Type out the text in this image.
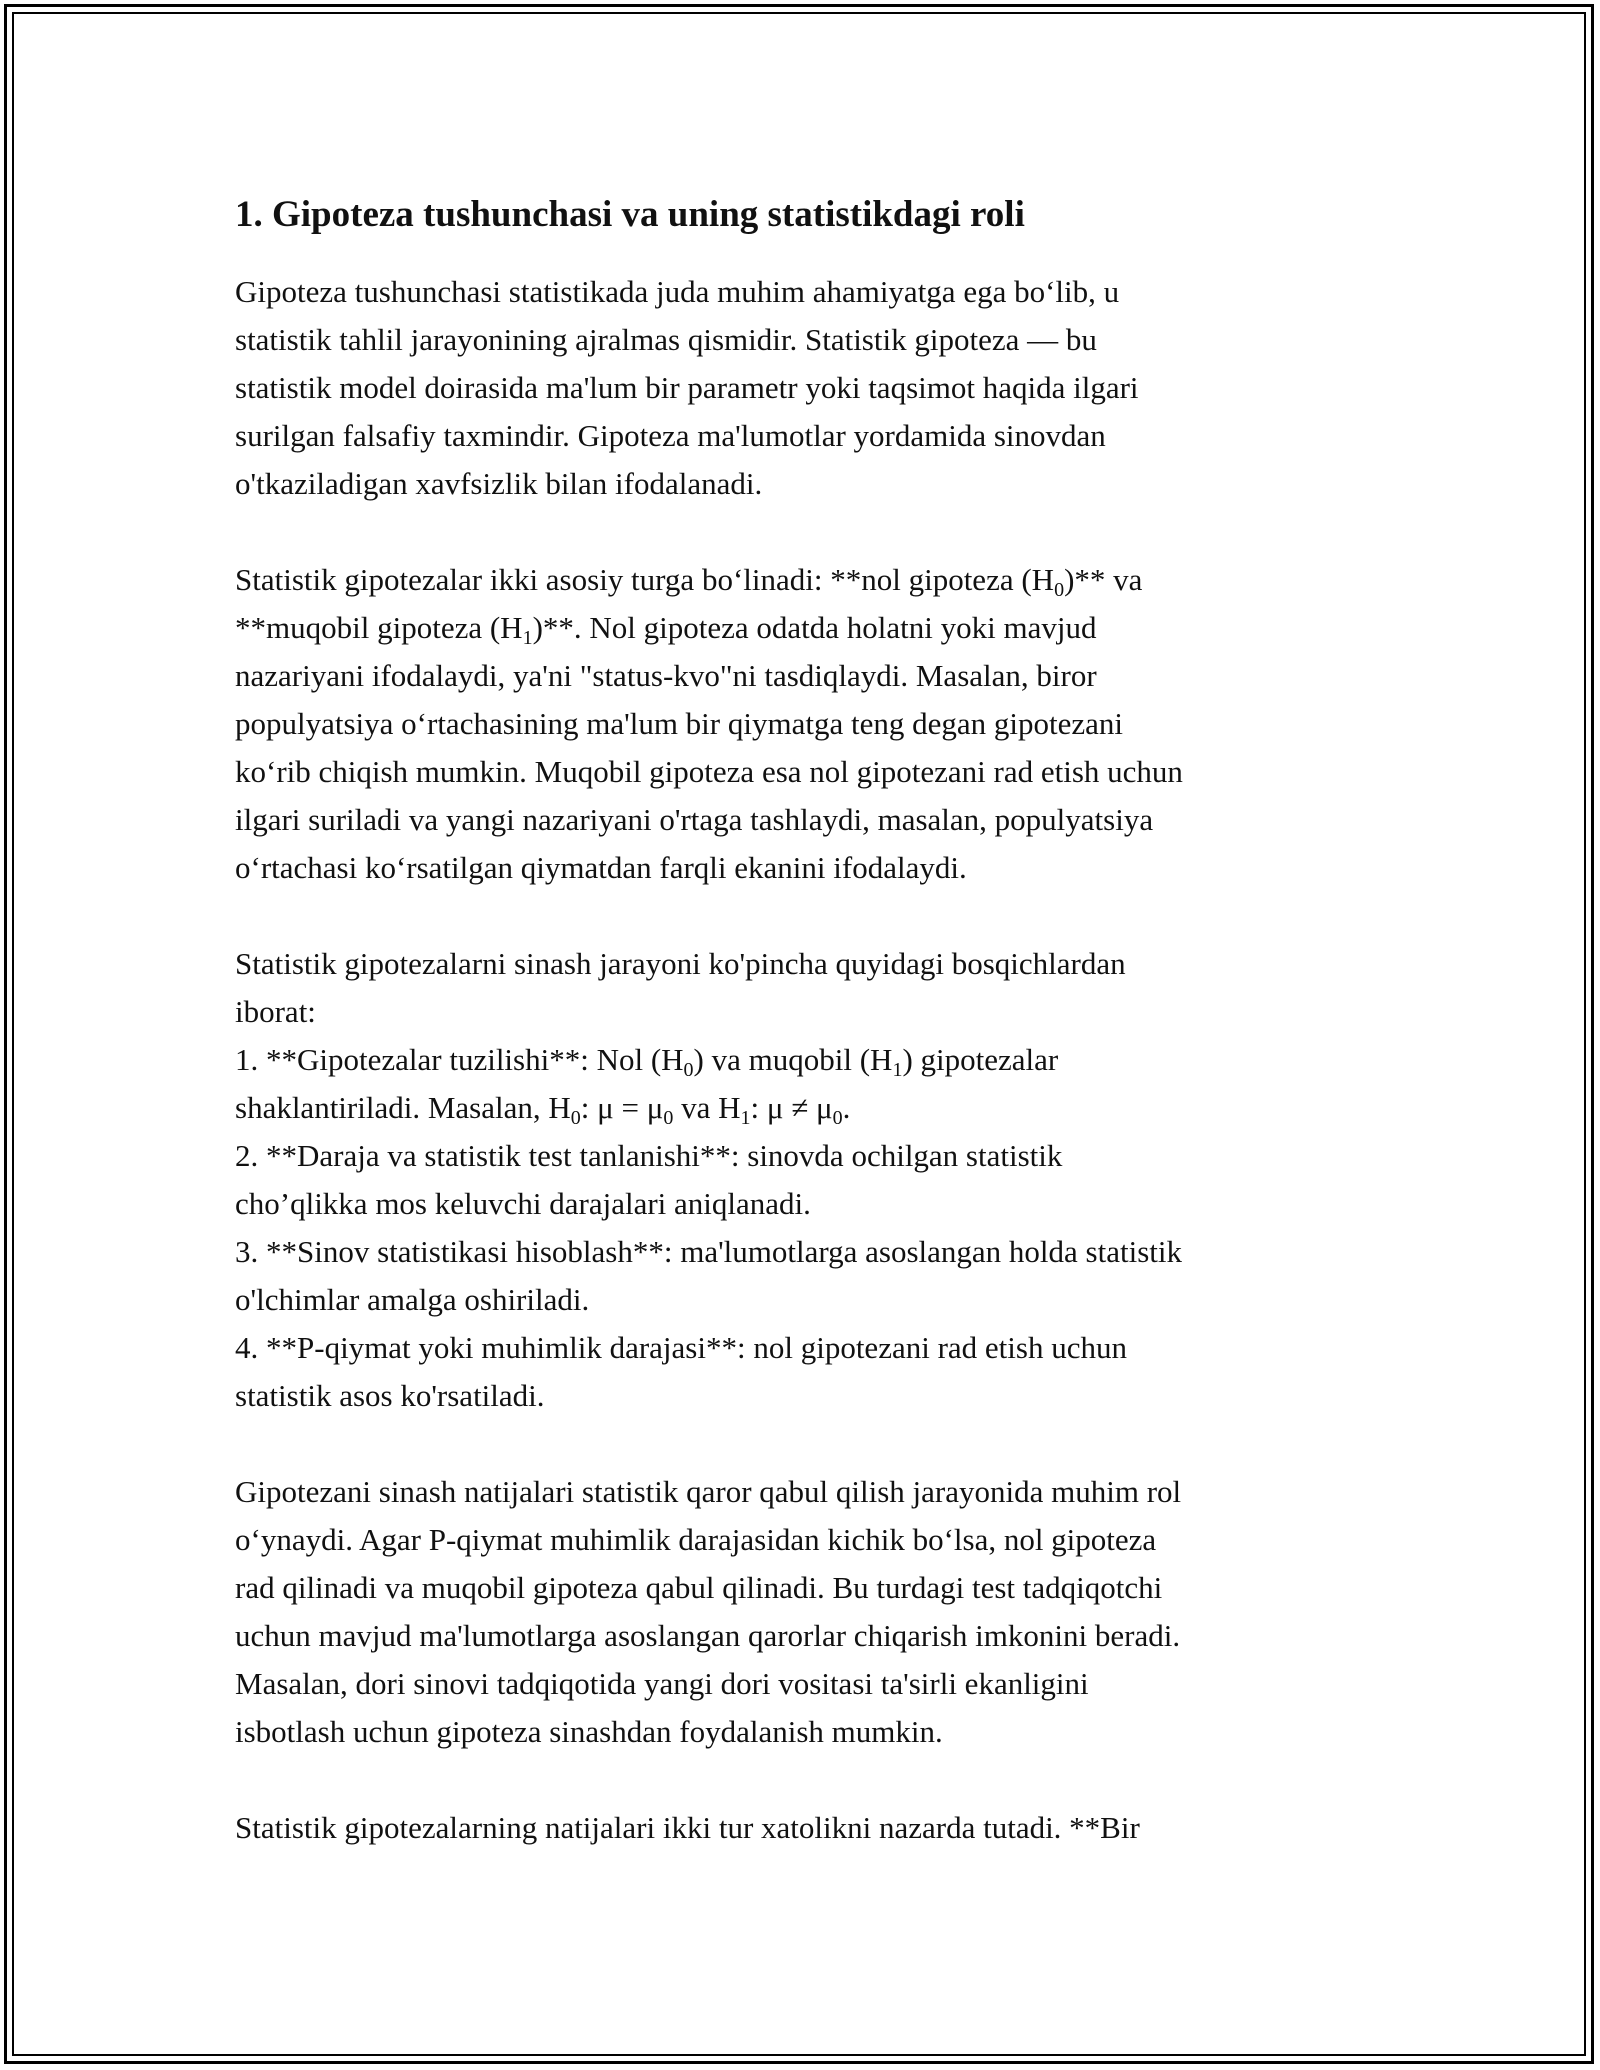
1. Gipoteza tushunchasi va uning statistikdagi roli

Gipoteza tushunchasi statistikada juda muhim ahamiyatga ega bo‘lib, u
statistik tahlil jarayonining ajralmas qismidir. Statistik gipoteza — bu
statistik model doirasida ma'lum bir parametr yoki taqsimot haqida ilgari
surilgan falsafiy taxmindir. Gipoteza ma'lumotlar yordamida sinovdan
o'tkaziladigan xavfsizlik bilan ifodalanadi.

Statistik gipotezalar ikki asosiy turga bo‘linadi: **nol gipoteza $(H_0)**$ va
**muqobil gipoteza $(H_1)**$. Nol gipoteza odatda holatni yoki mavjud
nazariyani ifodalaydi, ya'ni "status-kvo"ni tasdiqlaydi. Masalan, biror
populyatsiya o‘rtachasining ma'lum bir qiymatga teng degan gipotezani
ko‘rib chiqish mumkin. Muqobil gipoteza esa nol gipotezani rad etish uchun
ilgari suriladi va yangi nazariyani o'rtaga tashlaydi, masalan, populyatsiya
o‘rtachasi ko‘rsatilgan qiymatdan farqli ekanini ifodalaydi.

Statistik gipotezalarni sinash jarayoni ko'pincha quyidagi bosqichlardan
iborat:
1. **Gipotezalar tuzilishi**: Nol $(H_0)$ va muqobil $(H_1)$ gipotezalar
shaklantiriladi. Masalan, $H_0$: $\mu = \mu_0$ va $H_1$: $\mu \ne \mu_0$.
2. **Daraja va statistik test tanlanishi**: sinovda ochilgan statistik
cho’qlikka mos keluvchi darajalari aniqlanadi.
3. **Sinov statistikasi hisoblash**: ma'lumotlarga asoslangan holda statistik
o'lchimlar amalga oshiriladi.
4. **P-qiymat yoki muhimlik darajasi**: nol gipotezani rad etish uchun
statistik asos ko'rsatiladi.

Gipotezani sinash natijalari statistik qaror qabul qilish jarayonida muhim rol
o‘ynaydi. Agar P-qiymat muhimlik darajasidan kichik bo‘lsa, nol gipoteza
rad qilinadi va muqobil gipoteza qabul qilinadi. Bu turdagi test tadqiqotchi
uchun mavjud ma'lumotlarga asoslangan qarorlar chiqarish imkonini beradi.
Masalan, dori sinovi tadqiqotida yangi dori vositasi ta'sirli ekanligini
isbotlash uchun gipoteza sinashdan foydalanish mumkin.

Statistik gipotezalarning natijalari ikki tur xatolikni nazarda tutadi. **Bir
